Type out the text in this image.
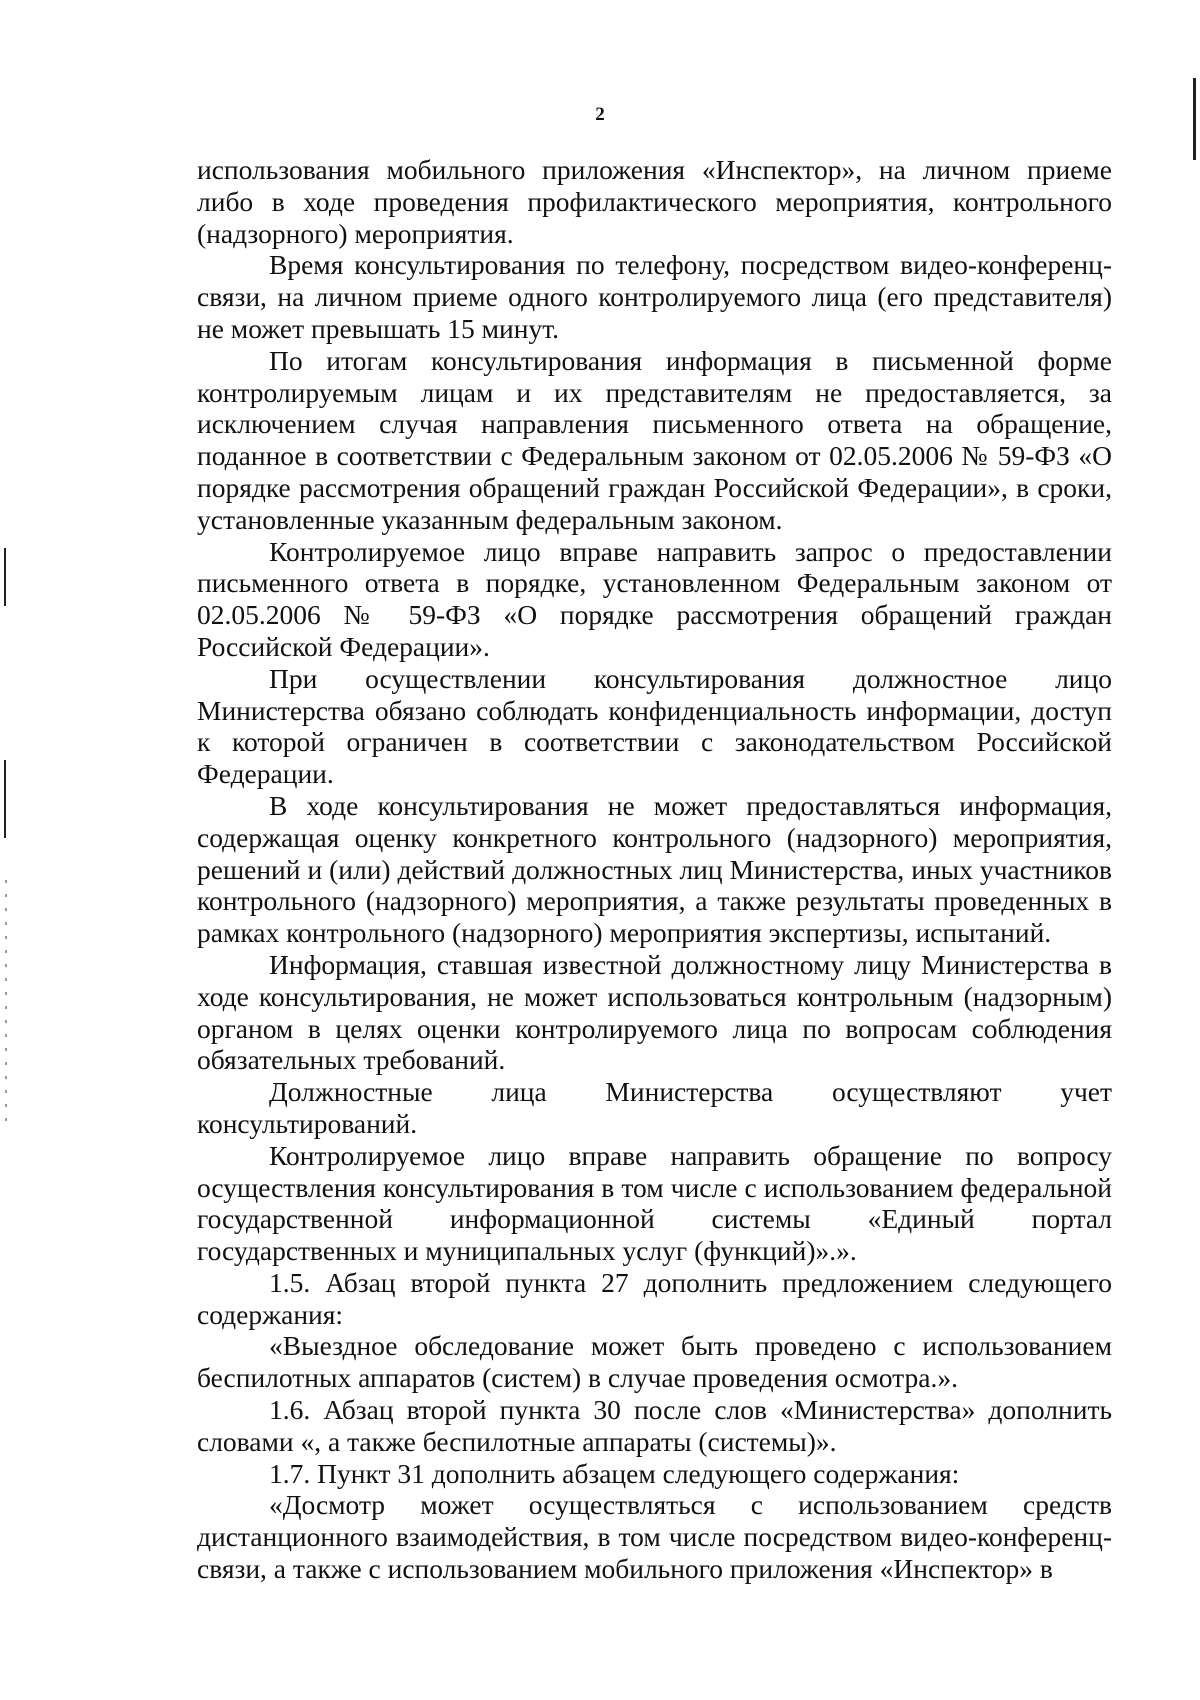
2

использования мобильного приложения «Инспектор», на личном приеме либо в ходе проведения профилактического мероприятия, контрольного (надзорного) мероприятия.

Время консультирования по телефону, посредством видео-конференц-связи, на личном приеме одного контролируемого лица (его представителя) не может превышать 15 минут.

По итогам консультирования информация в письменной форме контролируемым лицам и их представителям не предоставляется, за исключением случая направления письменного ответа на обращение, поданное в соответствии с Федеральным законом от 02.05.2006 № 59-ФЗ «О порядке рассмотрения обращений граждан Российской Федерации», в сроки, установленные указанным федеральным законом.

Контролируемое лицо вправе направить запрос о предоставлении письменного ответа в порядке, установленном Федеральным законом от 02.05.2006 № 59-ФЗ «О порядке рассмотрения обращений граждан Российской Федерации».

При осуществлении консультирования должностное лицо Министерства обязано соблюдать конфиденциальность информации, доступ к которой ограничен в соответствии с законодательством Российской Федерации.

В ходе консультирования не может предоставляться информация, содержащая оценку конкретного контрольного (надзорного) мероприятия, решений и (или) действий должностных лиц Министерства, иных участников контрольного (надзорного) мероприятия, а также результаты проведенных в рамках контрольного (надзорного) мероприятия экспертизы, испытаний.

Информация, ставшая известной должностному лицу Министерства в ходе консультирования, не может использоваться контрольным (надзорным) органом в целях оценки контролируемого лица по вопросам соблюдения обязательных требований.

Должностные лица Министерства осуществляют учет консультирований.

Контролируемое лицо вправе направить обращение по вопросу осуществления консультирования в том числе с использованием федеральной государственной информационной системы «Единый портал государственных и муниципальных услуг (функций)».».

1.5. Абзац второй пункта 27 дополнить предложением следующего содержания:

«Выездное обследование может быть проведено с использованием беспилотных аппаратов (систем) в случае проведения осмотра.».

1.6. Абзац второй пункта 30 после слов «Министерства» дополнить словами «, а также беспилотные аппараты (системы)».

1.7. Пункт 31 дополнить абзацем следующего содержания:

«Досмотр может осуществляться с использованием средств дистанционного взаимодействия, в том числе посредством видео-конференц-связи, а также с использованием мобильного приложения «Инспектор» в
